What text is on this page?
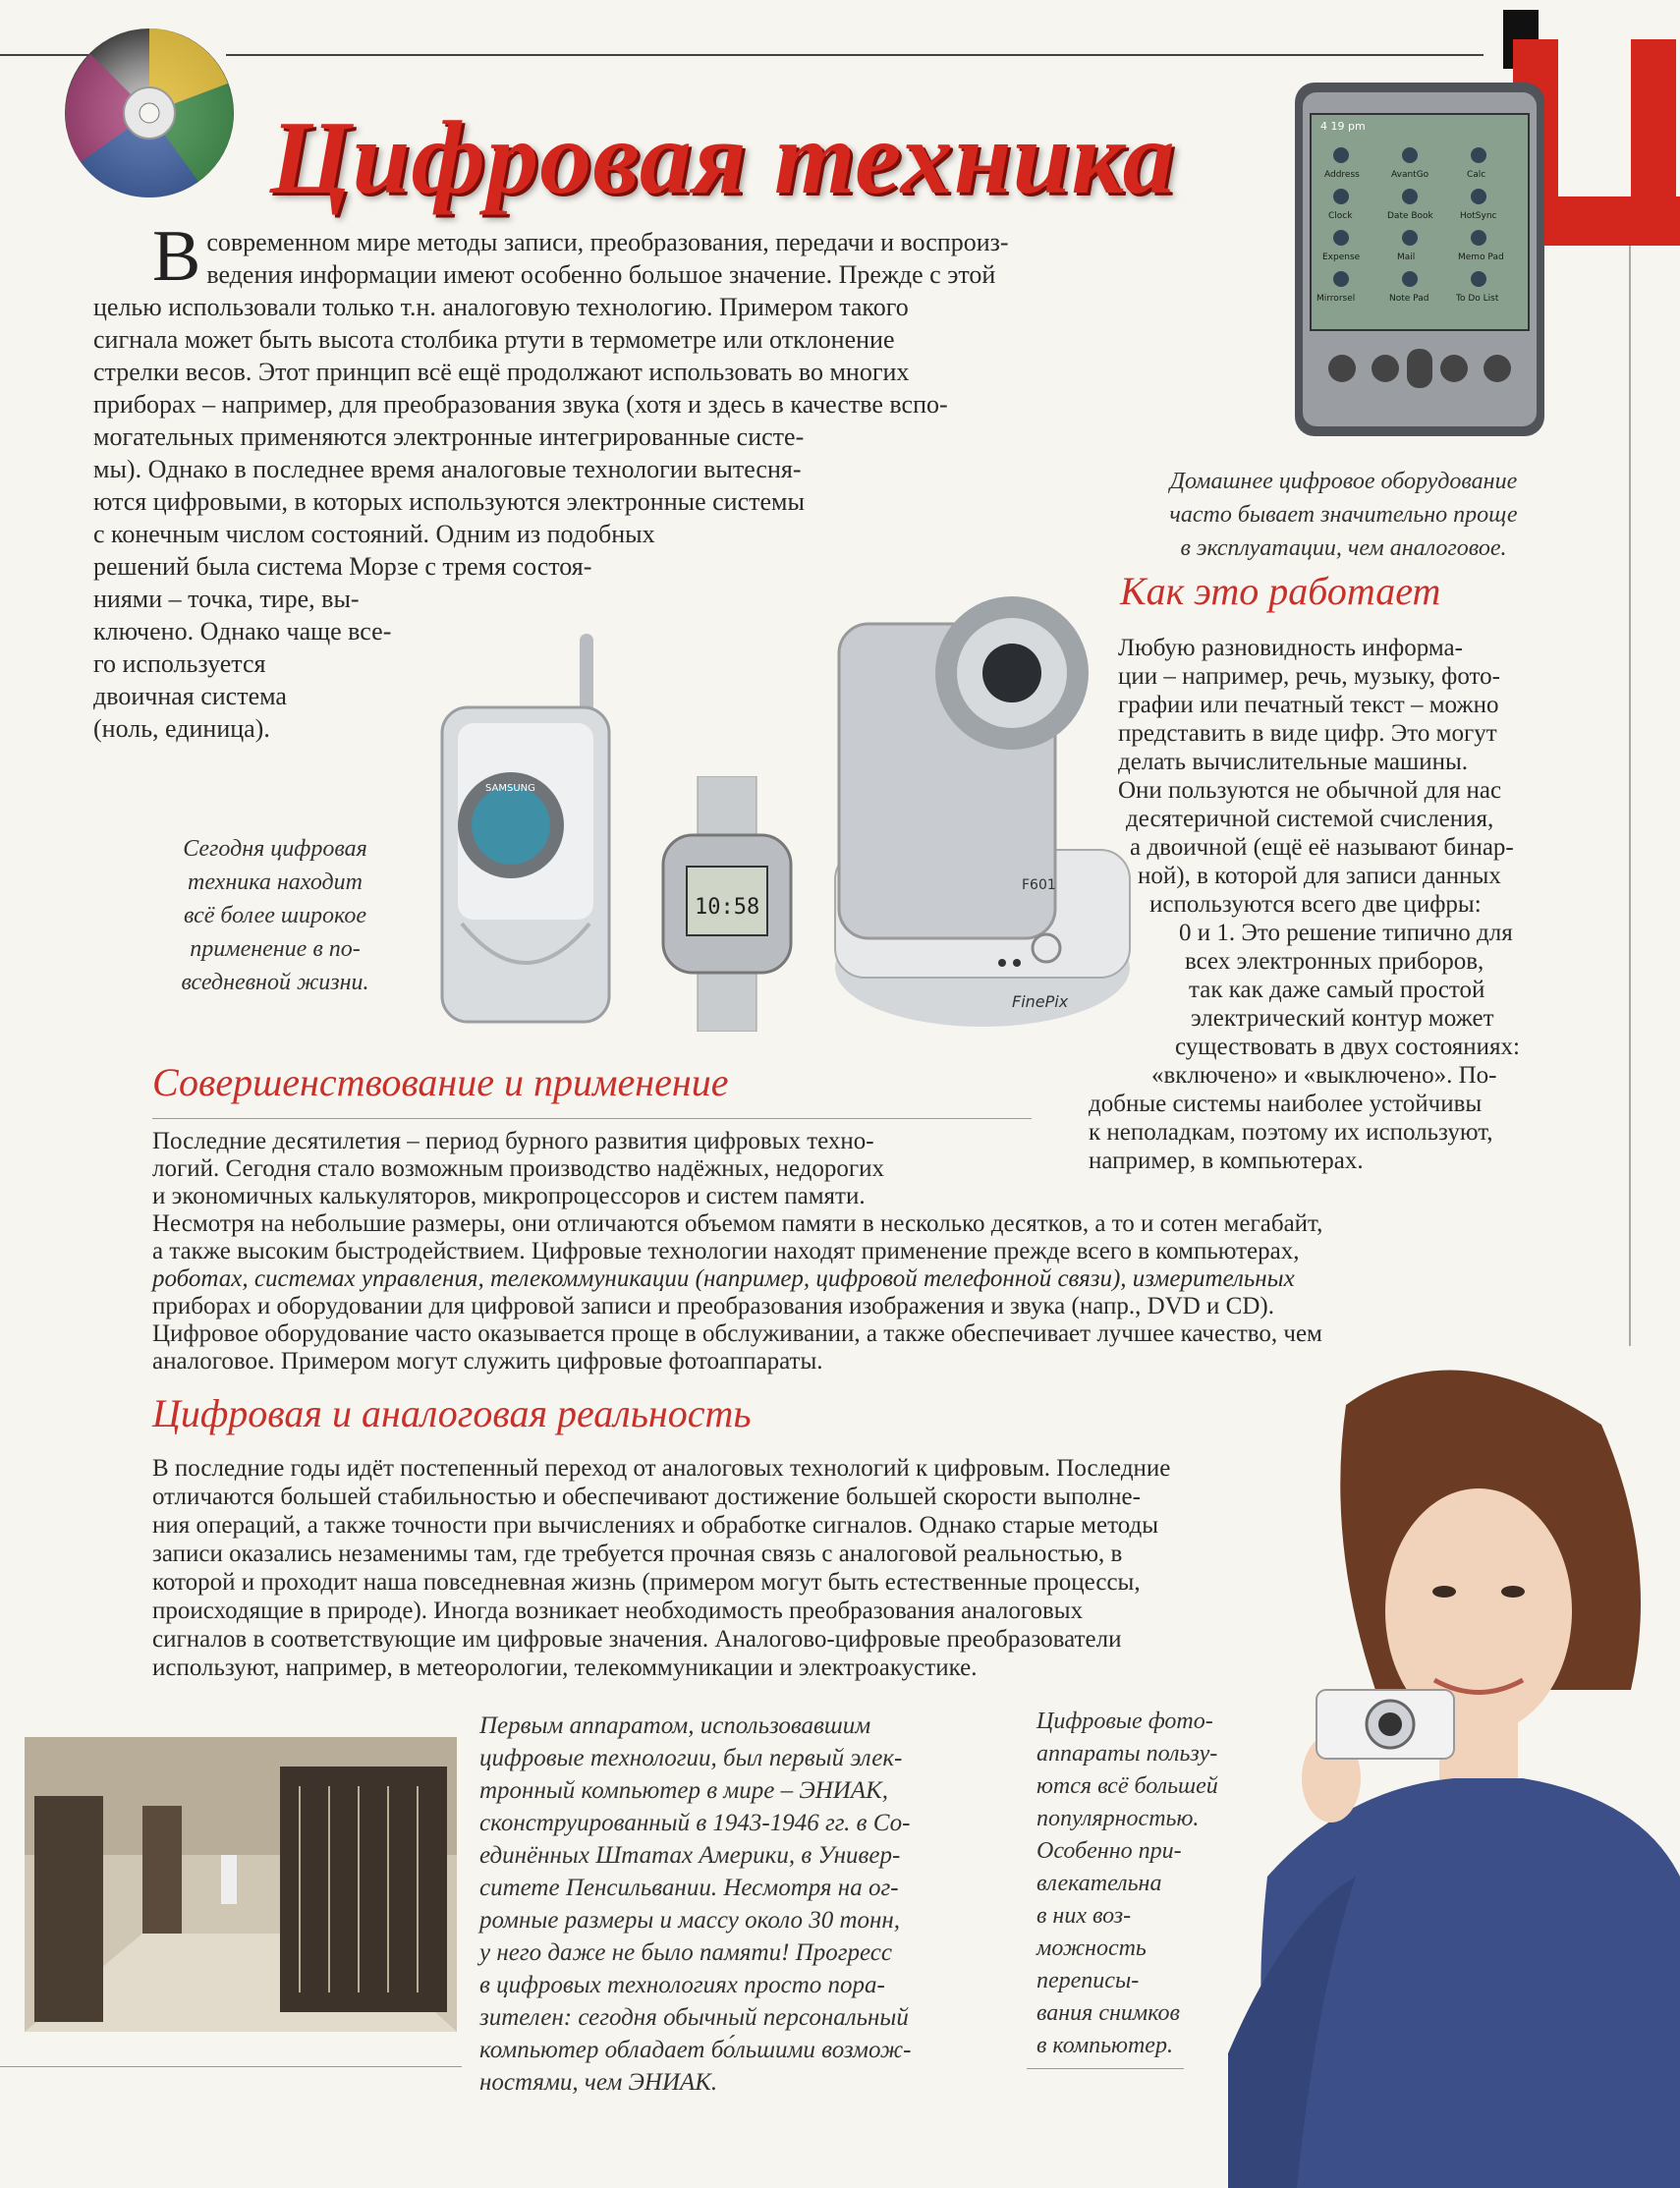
Цифровая техника	4 19 pm
Address	AvantGo	Calc
Clock	Date Book	HotSync
Expense	Mail	Memo Pad
Mirrorsel	Note Pad	To Do List
В современном мире методы записи, преобразования, передачи и воспроиз-
ведения информации имеют особенно большое значение. Прежде с этой
целью использовали только т.н. аналоговую технологию. Примером такого
сигнала может быть высота столбика ртути в термометре или отклонение
стрелки весов. Этот принцип всё ещё продолжают использовать во многих
приборах – например, для преобразования звука (хотя и здесь в качестве вспо-
могательных применяются электронные интегрированные систе-
мы). Однако в последнее время аналоговые технологии вытесня-
ются цифровыми, в которых используются электронные системы
с конечным числом состояний. Одним из подобных
решений была система Морзе с тремя состоя-
ниями – точка, тире, вы-
ключено. Однако чаще все-
го используется
двоичная система
(ноль, единица).
Домашнее цифровое оборудование
часто бывает значительно проще
в эксплуатации, чем аналоговое.
Как это работает
Любую разновидность информа-
ции – например, речь, музыку, фото-
графии или печатный текст – можно
представить в виде цифр. Это могут
делать вычислительные машины.
Они пользуются не обычной для нас
десятеричной системой счисления,
а двоичной (ещё её называют бинар-
ной), в которой для записи данных
используются всего две цифры:
0 и 1. Это решение типично для
всех электронных приборов,
так как даже самый простой
электрический контур может
существовать в двух состояниях:
«включено» и «выключено». По-
добные системы наиболее устойчивы
к неполадкам, поэтому их используют,
например, в компьютерах.
Сегодня цифровая
техника находит
всё более широкое
применение в по-
вседневной жизни.
SAMSUNG
10:58
F601
FinePix
Совершенствование и применение
Последние десятилетия – период бурного развития цифровых техно-
логий. Сегодня стало возможным производство надёжных, недорогих
и экономичных калькуляторов, микропроцессоров и систем памяти.
Несмотря на небольшие размеры, они отличаются объемом памяти в несколько десятков, а то и сотен мегабайт,
а также высоким быстродействием. Цифровые технологии находят применение прежде всего в компьютерах,
роботах, системах управления, телекоммуникации (например, цифровой телефонной связи), измерительных
приборах и оборудовании для цифровой записи и преобразования изображения и звука (напр., DVD и CD).
Цифровое оборудование часто оказывается проще в обслуживании, а также обеспечивает лучшее качество, чем
аналоговое. Примером могут служить цифровые фотоаппараты.
Цифровая и аналоговая реальность
В последние годы идёт постепенный переход от аналоговых технологий к цифровым. Последние
отличаются большей стабильностью и обеспечивают достижение большей скорости выполне-
ния операций, а также точности при вычислениях и обработке сигналов. Однако старые методы
записи оказались незаменимы там, где требуется прочная связь с аналоговой реальностью, в
которой и проходит наша повседневная жизнь (примером могут быть естественные процессы,
происходящие в природе). Иногда возникает необходимость преобразования аналоговых
сигналов в соответствующие им цифровые значения. Аналогово-цифровые преобразователи
используют, например, в метеорологии, телекоммуникации и электроакустике.
Первым аппаратом, использовавшим
цифровые технологии, был первый элек-
тронный компьютер в мире – ЭНИАК,
сконструированный в 1943-1946 гг. в Со-
единённых Штатах Америки, в Универ-
ситете Пенсильвании. Несмотря на ог-
ромные размеры и массу около 30 тонн,
у него даже не было памяти! Прогресс
в цифровых технологиях просто пора-
зителен: сегодня обычный персональный
компьютер обладает бо́льшими возмож-
ностями, чем ЭНИАК.
Цифровые фото-
аппараты пользу-
ются всё большей
популярностью.
Особенно при-
влекательна
в них воз-
можность
переписы-
вания снимков
в компьютер.
